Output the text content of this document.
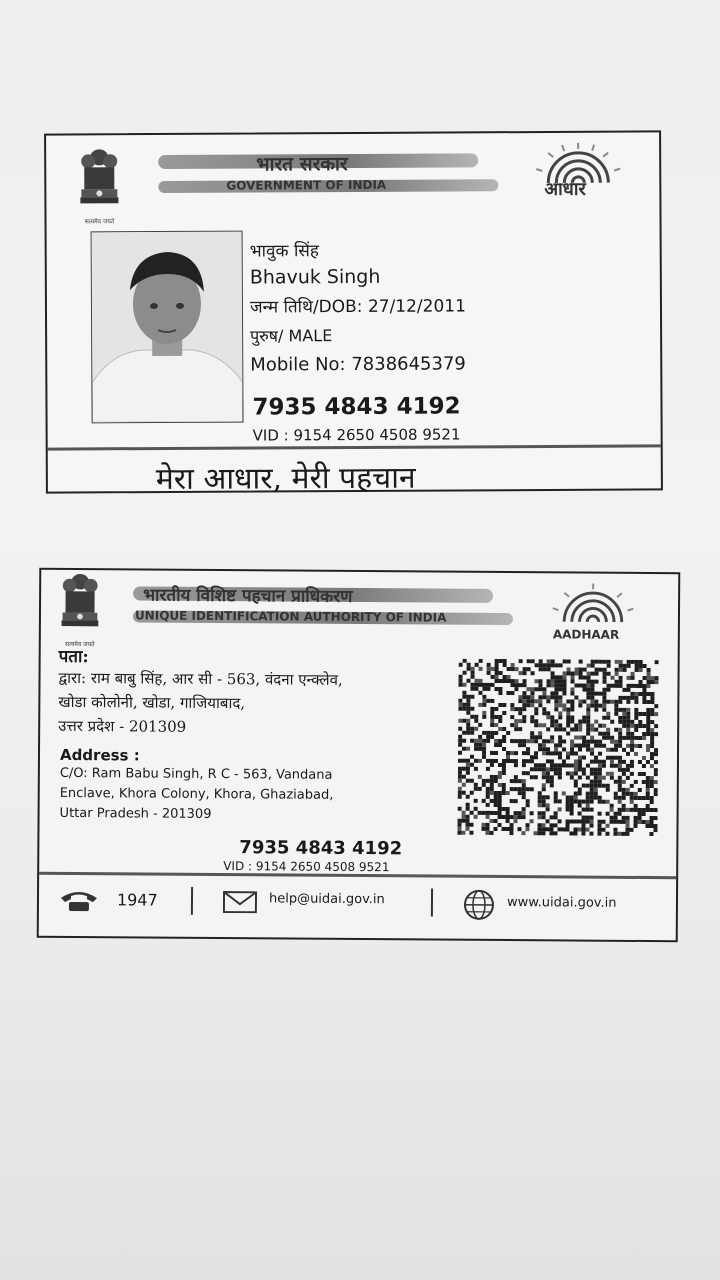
सत्यमेव जयते
भारत सरकार
GOVERNMENT OF INDIA	आधार
भावुक सिंह
Bhavuk Singh
जन्म तिथि/DOB: 27/12/2011
पुरुष/ MALE
Mobile No: 7838645379
7935 4843 4192
VID : 9154 2650 4508 9521
मेरा आधार, मेरी पहचान
सत्यमेव जयते
भारतीय विशिष्ट पहचान प्राधिकरण
UNIQUE IDENTIFICATION AUTHORITY OF INDIA
AADHAAR
पता:
द्वारा: राम बाबु सिंह, आर सी - 563, वंदना एन्क्लेव,
खोडा कोलोनी, खोडा, गाजियाबाद,
उत्तर प्रदेश - 201309
Address :
C/O: Ram Babu Singh, R C - 563, Vandana
Enclave, Khora Colony, Khora, Ghaziabad,
Uttar Pradesh - 201309
7935 4843 4192
VID : 9154 2650 4508 9521
1947	help@uidai.gov.in	www.uidai.gov.in
